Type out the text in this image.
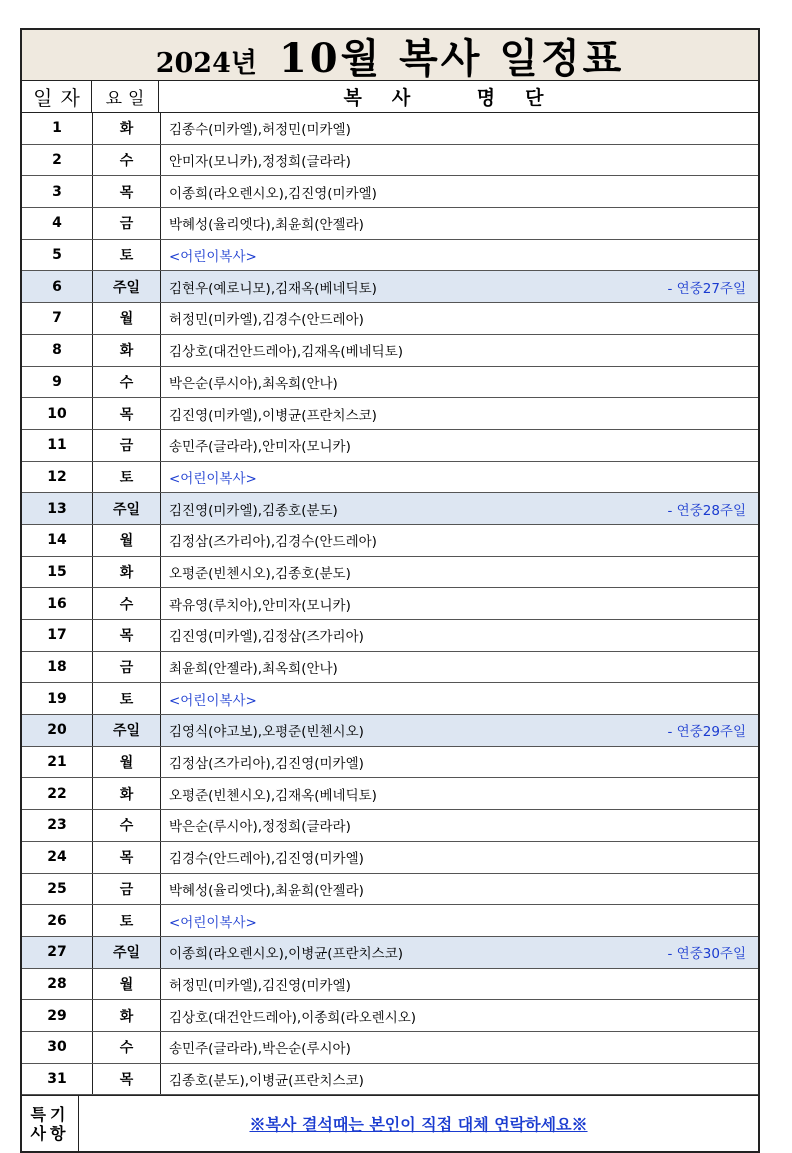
2024년 10월 복사 일정표
일자	요일	복사 명단
1	화	김종수(미카엘),허정민(미카엘)
2	수	안미자(모니카),정정희(글라라)
3	목	이종희(라오렌시오),김진영(미카엘)
4	금	박혜성(율리엣다),최윤희(안젤라)
5	토	<어린이복사>
6	주일	김현우(예로니모),김재옥(베네딕토)	- 연중27주일
7	월	허정민(미카엘),김경수(안드레아)
8	화	김상호(대건안드레아),김재옥(베네딕토)
9	수	박은순(루시아),최옥희(안나)
10	목	김진영(미카엘),이병균(프란치스코)
11	금	송민주(글라라),안미자(모니카)
12	토	<어린이복사>
13	주일	김진영(미카엘),김종호(분도)	- 연중28주일
14	월	김정삼(즈가리아),김경수(안드레아)
15	화	오평준(빈첸시오),김종호(분도)
16	수	곽유영(루치아),안미자(모니카)
17	목	김진영(미카엘),김정삼(즈가리아)
18	금	최윤희(안젤라),최옥희(안나)
19	토	<어린이복사>
20	주일	김영식(야고보),오평준(빈첸시오)	- 연중29주일
21	월	김정삼(즈가리아),김진영(미카엘)
22	화	오평준(빈첸시오),김재옥(베네딕토)
23	수	박은순(루시아),정정희(글라라)
24	목	김경수(안드레아),김진영(미카엘)
25	금	박혜성(율리엣다),최윤희(안젤라)
26	토	<어린이복사>
27	주일	이종희(라오렌시오),이병균(프란치스코)	- 연중30주일
28	월	허정민(미카엘),김진영(미카엘)
29	화	김상호(대건안드레아),이종희(라오렌시오)
30	수	송민주(글라라),박은순(루시아)
31	목	김종호(분도),이병균(프란치스코)
특기
사항	※복사 결석때는 본인이 직접 대체 연락하세요※
